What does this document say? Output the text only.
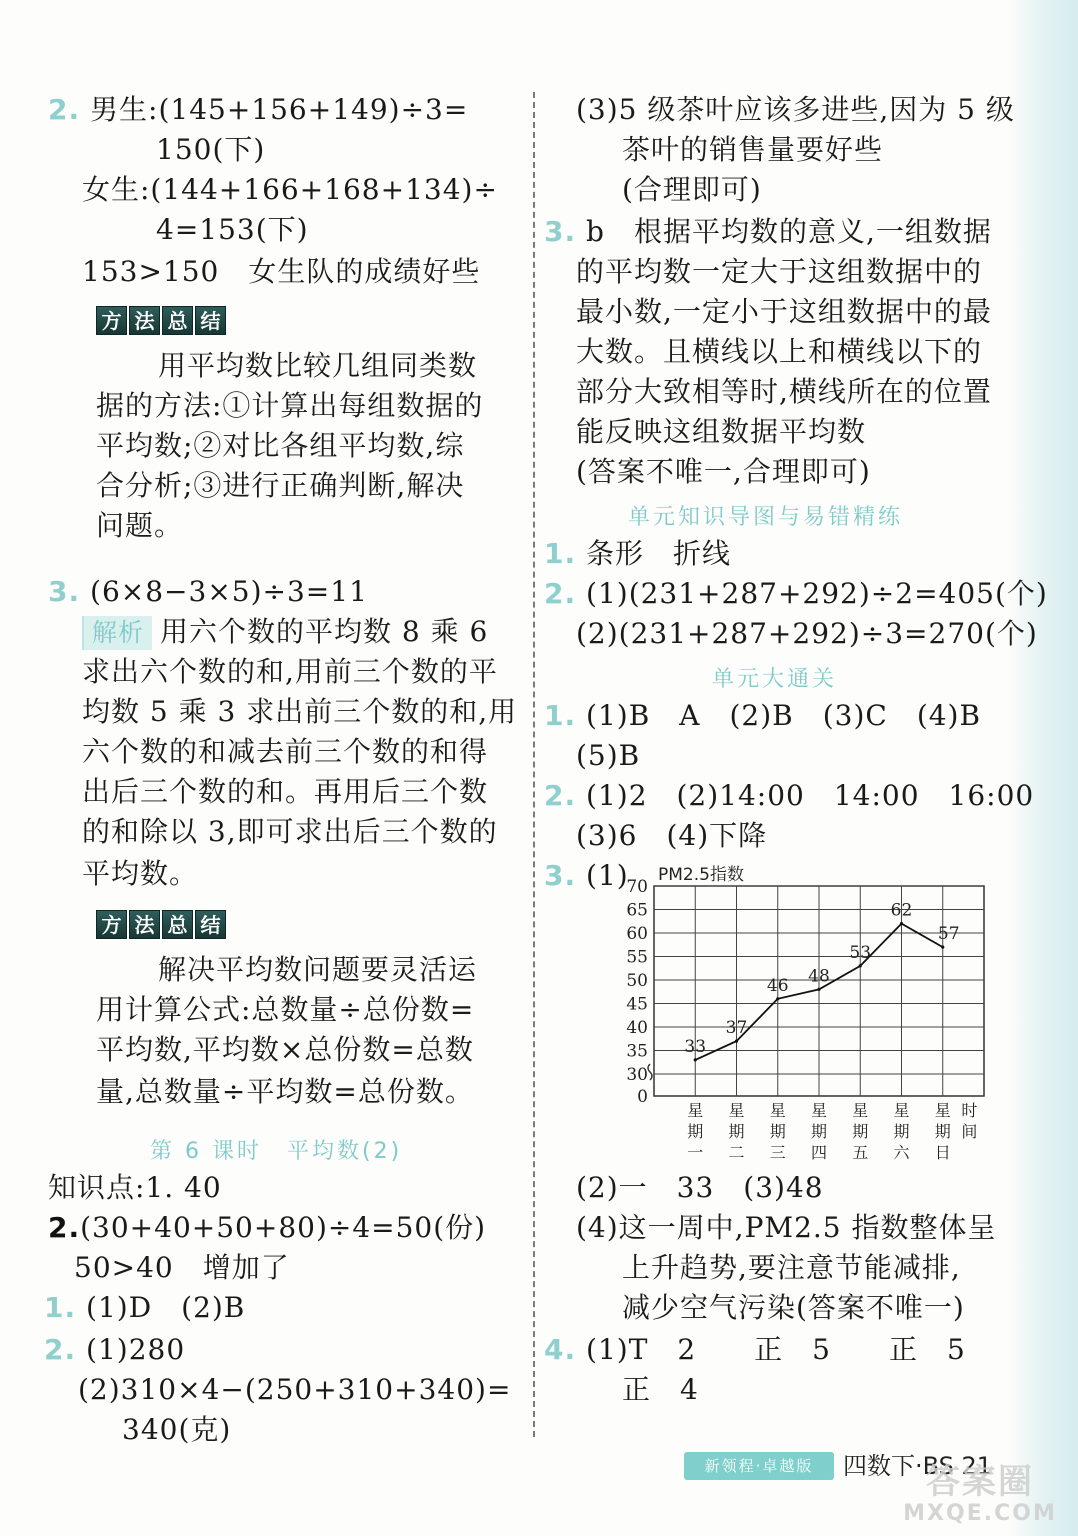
2. 男生:(145+156+149)÷3=
150(下)
女生:(144+166+168+134)÷
4=153(下)
153>150　女生队的成绩好些
方 法 总 结
用平均数比较几组同类数
据的方法:①计算出每组数据的
平均数;②对比各组平均数,综
合分析;③进行正确判断,解决
问题。
3. (6×8−3×5)÷3=11
解析 用六个数的平均数 8 乘 6
求出六个数的和,用前三个数的平
均数 5 乘 3 求出前三个数的和,用
六个数的和减去前三个数的和得
出后三个数的和。再用后三个数
的和除以 3,即可求出后三个数的
平均数。
方 法 总 结
解决平均数问题要灵活运
用计算公式:总数量÷总份数=
平均数,平均数×总份数=总数
量,总数量÷平均数=总份数。
第 6 课时　平均数(2)
知识点:1. 40
2.(30+40+50+80)÷4=50(份)
50>40　增加了
1. (1)D　(2)B
2. (1)280
(2)310×4−(250+310+340)=
340(克)
(3)5 级茶叶应该多进些,因为 5 级
茶叶的销售量要好些
(合理即可)
3. b　根据平均数的意义,一组数据
的平均数一定大于这组数据中的
最小数,一定小于这组数据中的最
大数。且横线以上和横线以下的
部分大致相等时,横线所在的位置
能反映这组数据平均数
(答案不唯一,合理即可)
单元知识导图与易错精练
1. 条形　折线
2. (1)(231+287+292)÷2=405(个)
(2)(231+287+292)÷3=270(个)
单元大通关
1. (1)B　A　(2)B　(3)C　(4)B
(5)B
2. (1)2　(2)14:00　14:00　16:00
(3)6　(4)下降
3. (1)
0
30
35
40
45
50
55
60
65
70
PM2.5指数
星
期
一
星
期
二
星
期
三
星
期
四
星
期
五
星
期
六
星
期
日
时
间
33
37
46 48
53
62
57
(2)一　33　(3)48
(4)这一周中,PM2.5 指数整体呈
上升趋势,要注意节能减排,
减少空气污染(答案不唯一)
4. (1)T　2　　正　5　　正　5
正　4
新领程·卓越版	四数下·BS 21
答案圈
MXQE.COM
